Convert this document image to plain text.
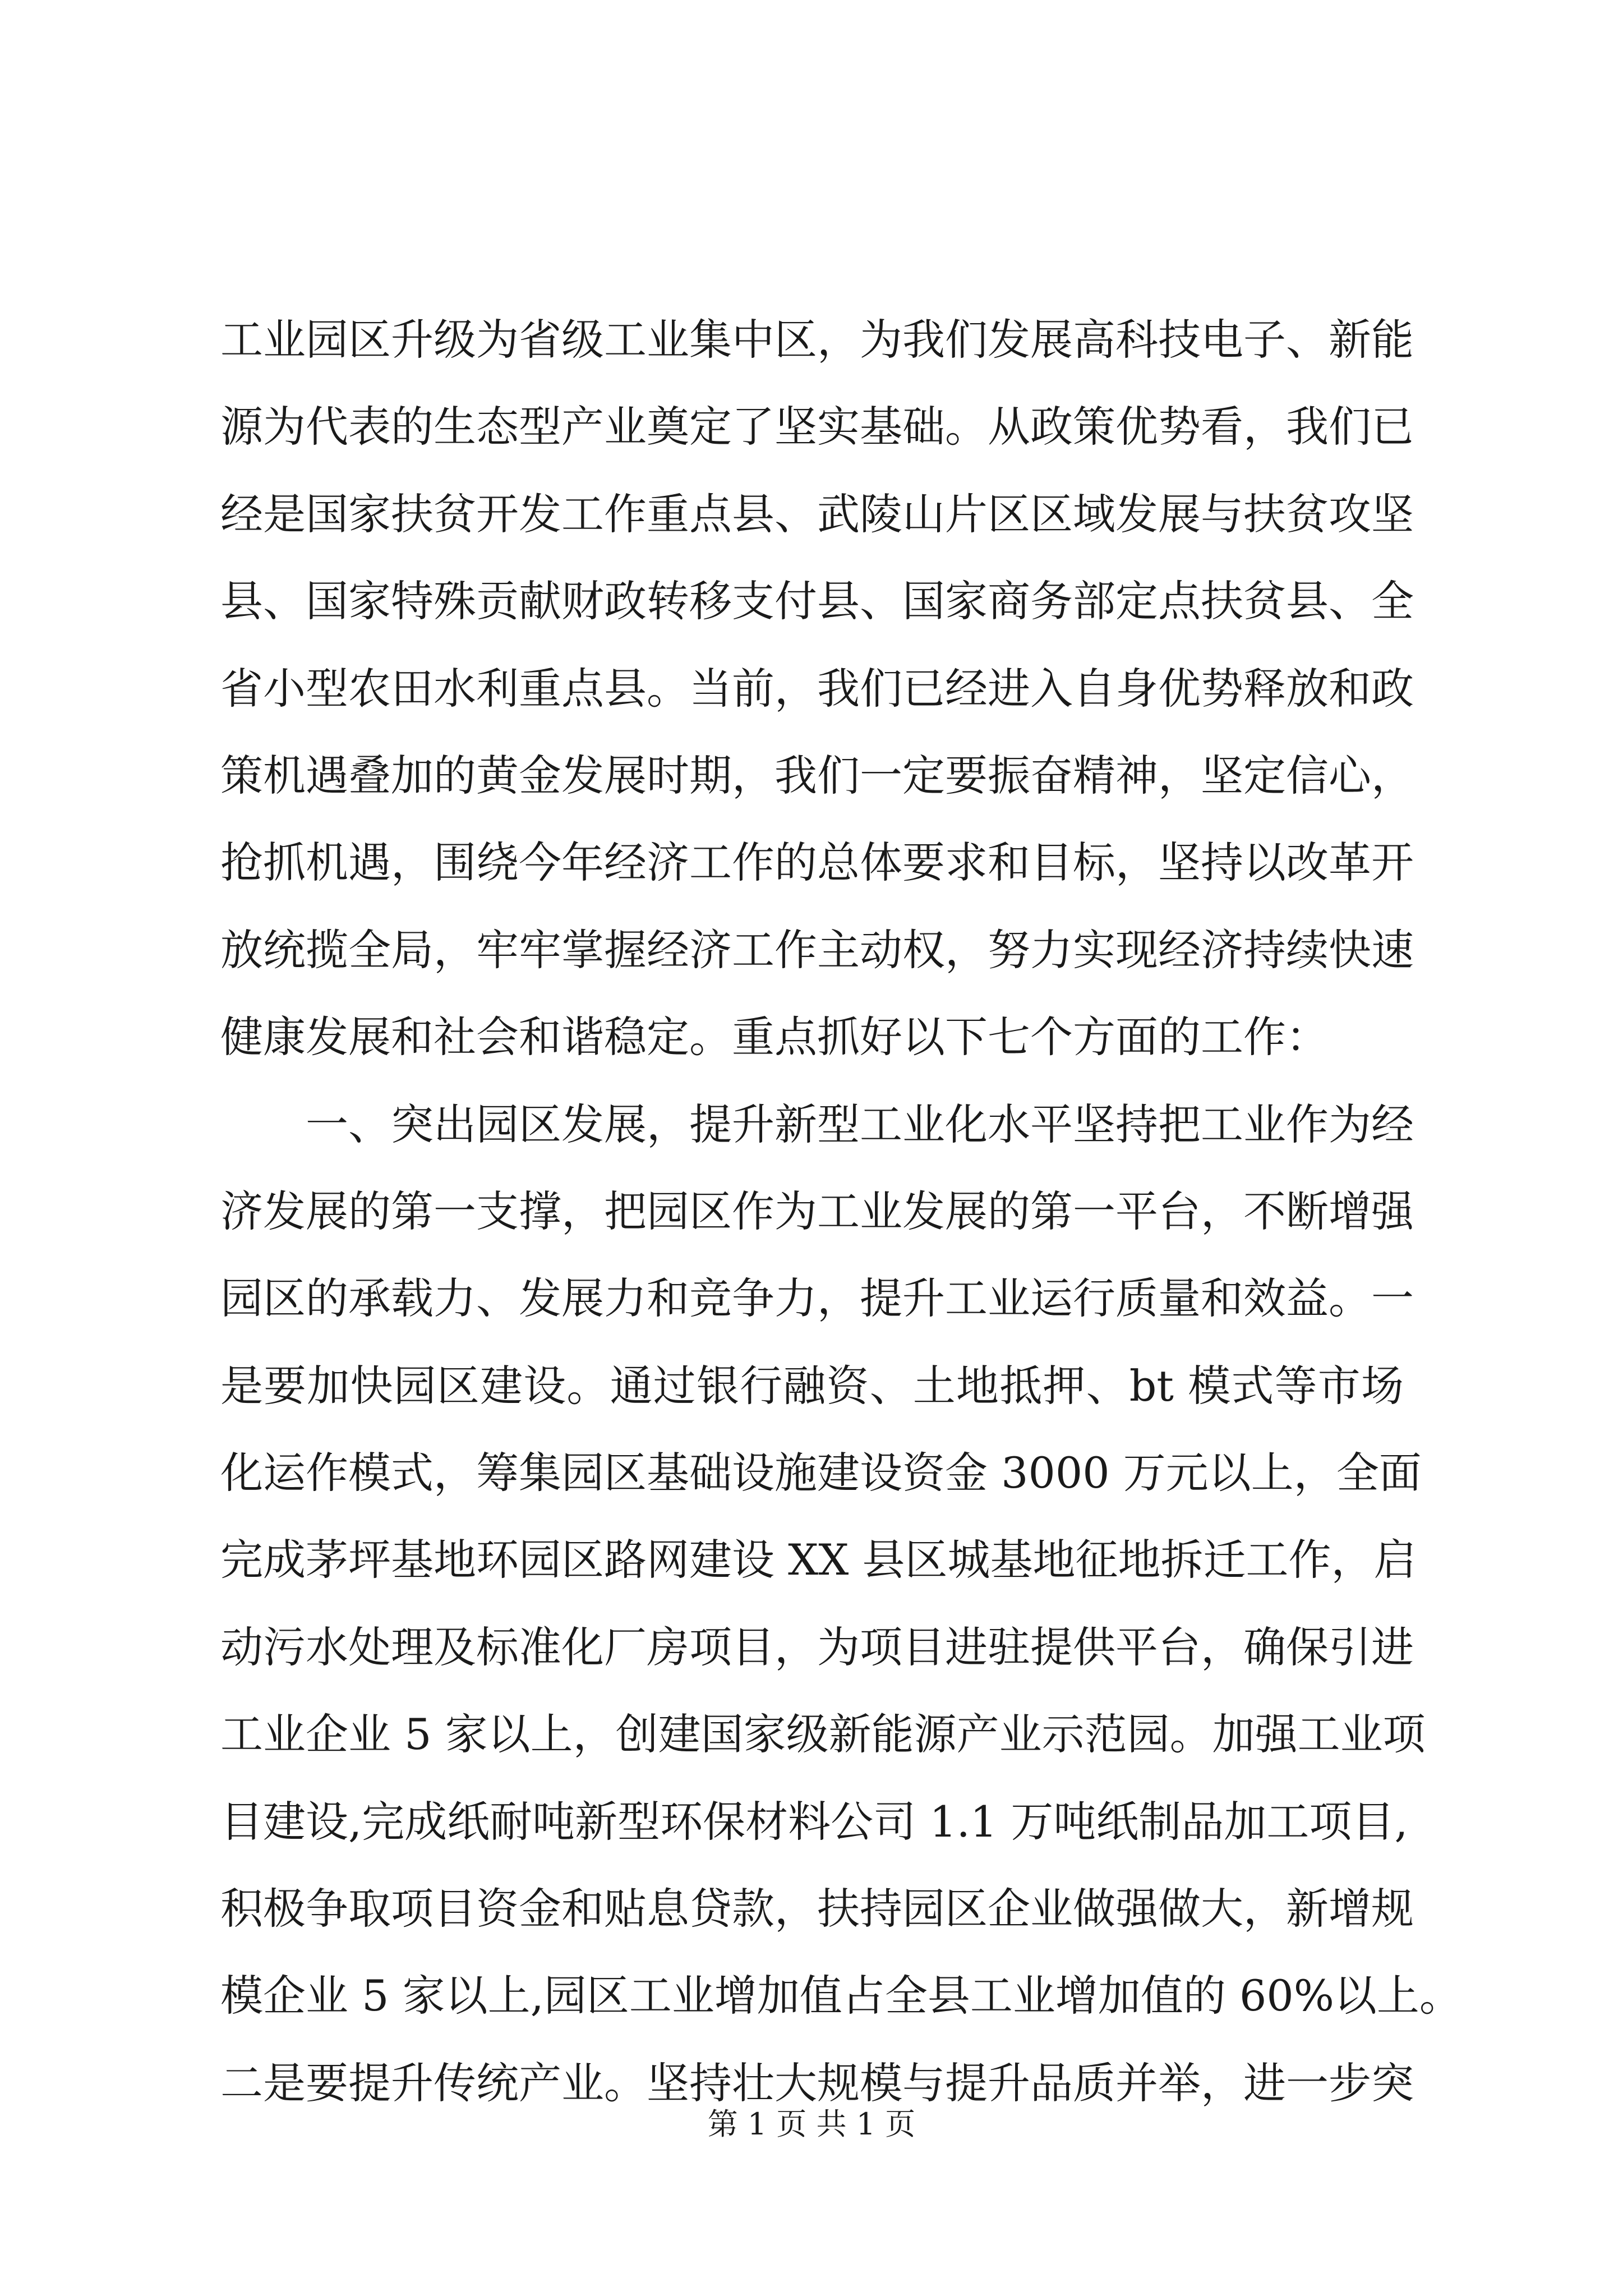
工业园区升级为省级工业集中区，为我们发展高科技电子、新能
源为代表的生态型产业奠定了坚实基础。从政策优势看，我们已
经是国家扶贫开发工作重点县、武陵山片区区域发展与扶贫攻坚
县、国家特殊贡献财政转移支付县、国家商务部定点扶贫县、全
省小型农田水利重点县。当前，我们已经进入自身优势释放和政
策机遇叠加的黄金发展时期，我们一定要振奋精神，坚定信心，
抢抓机遇，围绕今年经济工作的总体要求和目标，坚持以改革开
放统揽全局，牢牢掌握经济工作主动权，努力实现经济持续快速
健康发展和社会和谐稳定。重点抓好以下七个方面的工作：
一、突出园区发展，提升新型工业化水平坚持把工业作为经
济发展的第一支撑，把园区作为工业发展的第一平台，不断增强
园区的承载力、发展力和竞争力，提升工业运行质量和效益。一
是要加快园区建设。通过银行融资、土地抵押、bt 模式等市场
化运作模式，筹集园区基础设施建设资金 3000 万元以上，全面
完成茅坪基地环园区路网建设 XX 县区城基地征地拆迁工作，启
动污水处理及标准化厂房项目，为项目进驻提供平台，确保引进
工业企业 5 家以上，创建国家级新能源产业示范园。加强工业项
目建设,完成纸耐吨新型环保材料公司 1.1 万吨纸制品加工项目,
积极争取项目资金和贴息贷款，扶持园区企业做强做大，新增规
模企业 5 家以上,园区工业增加值占全县工业增加值的 60%以上。
二是要提升传统产业。坚持壮大规模与提升品质并举，进一步突
第 1 页 共 1 页
